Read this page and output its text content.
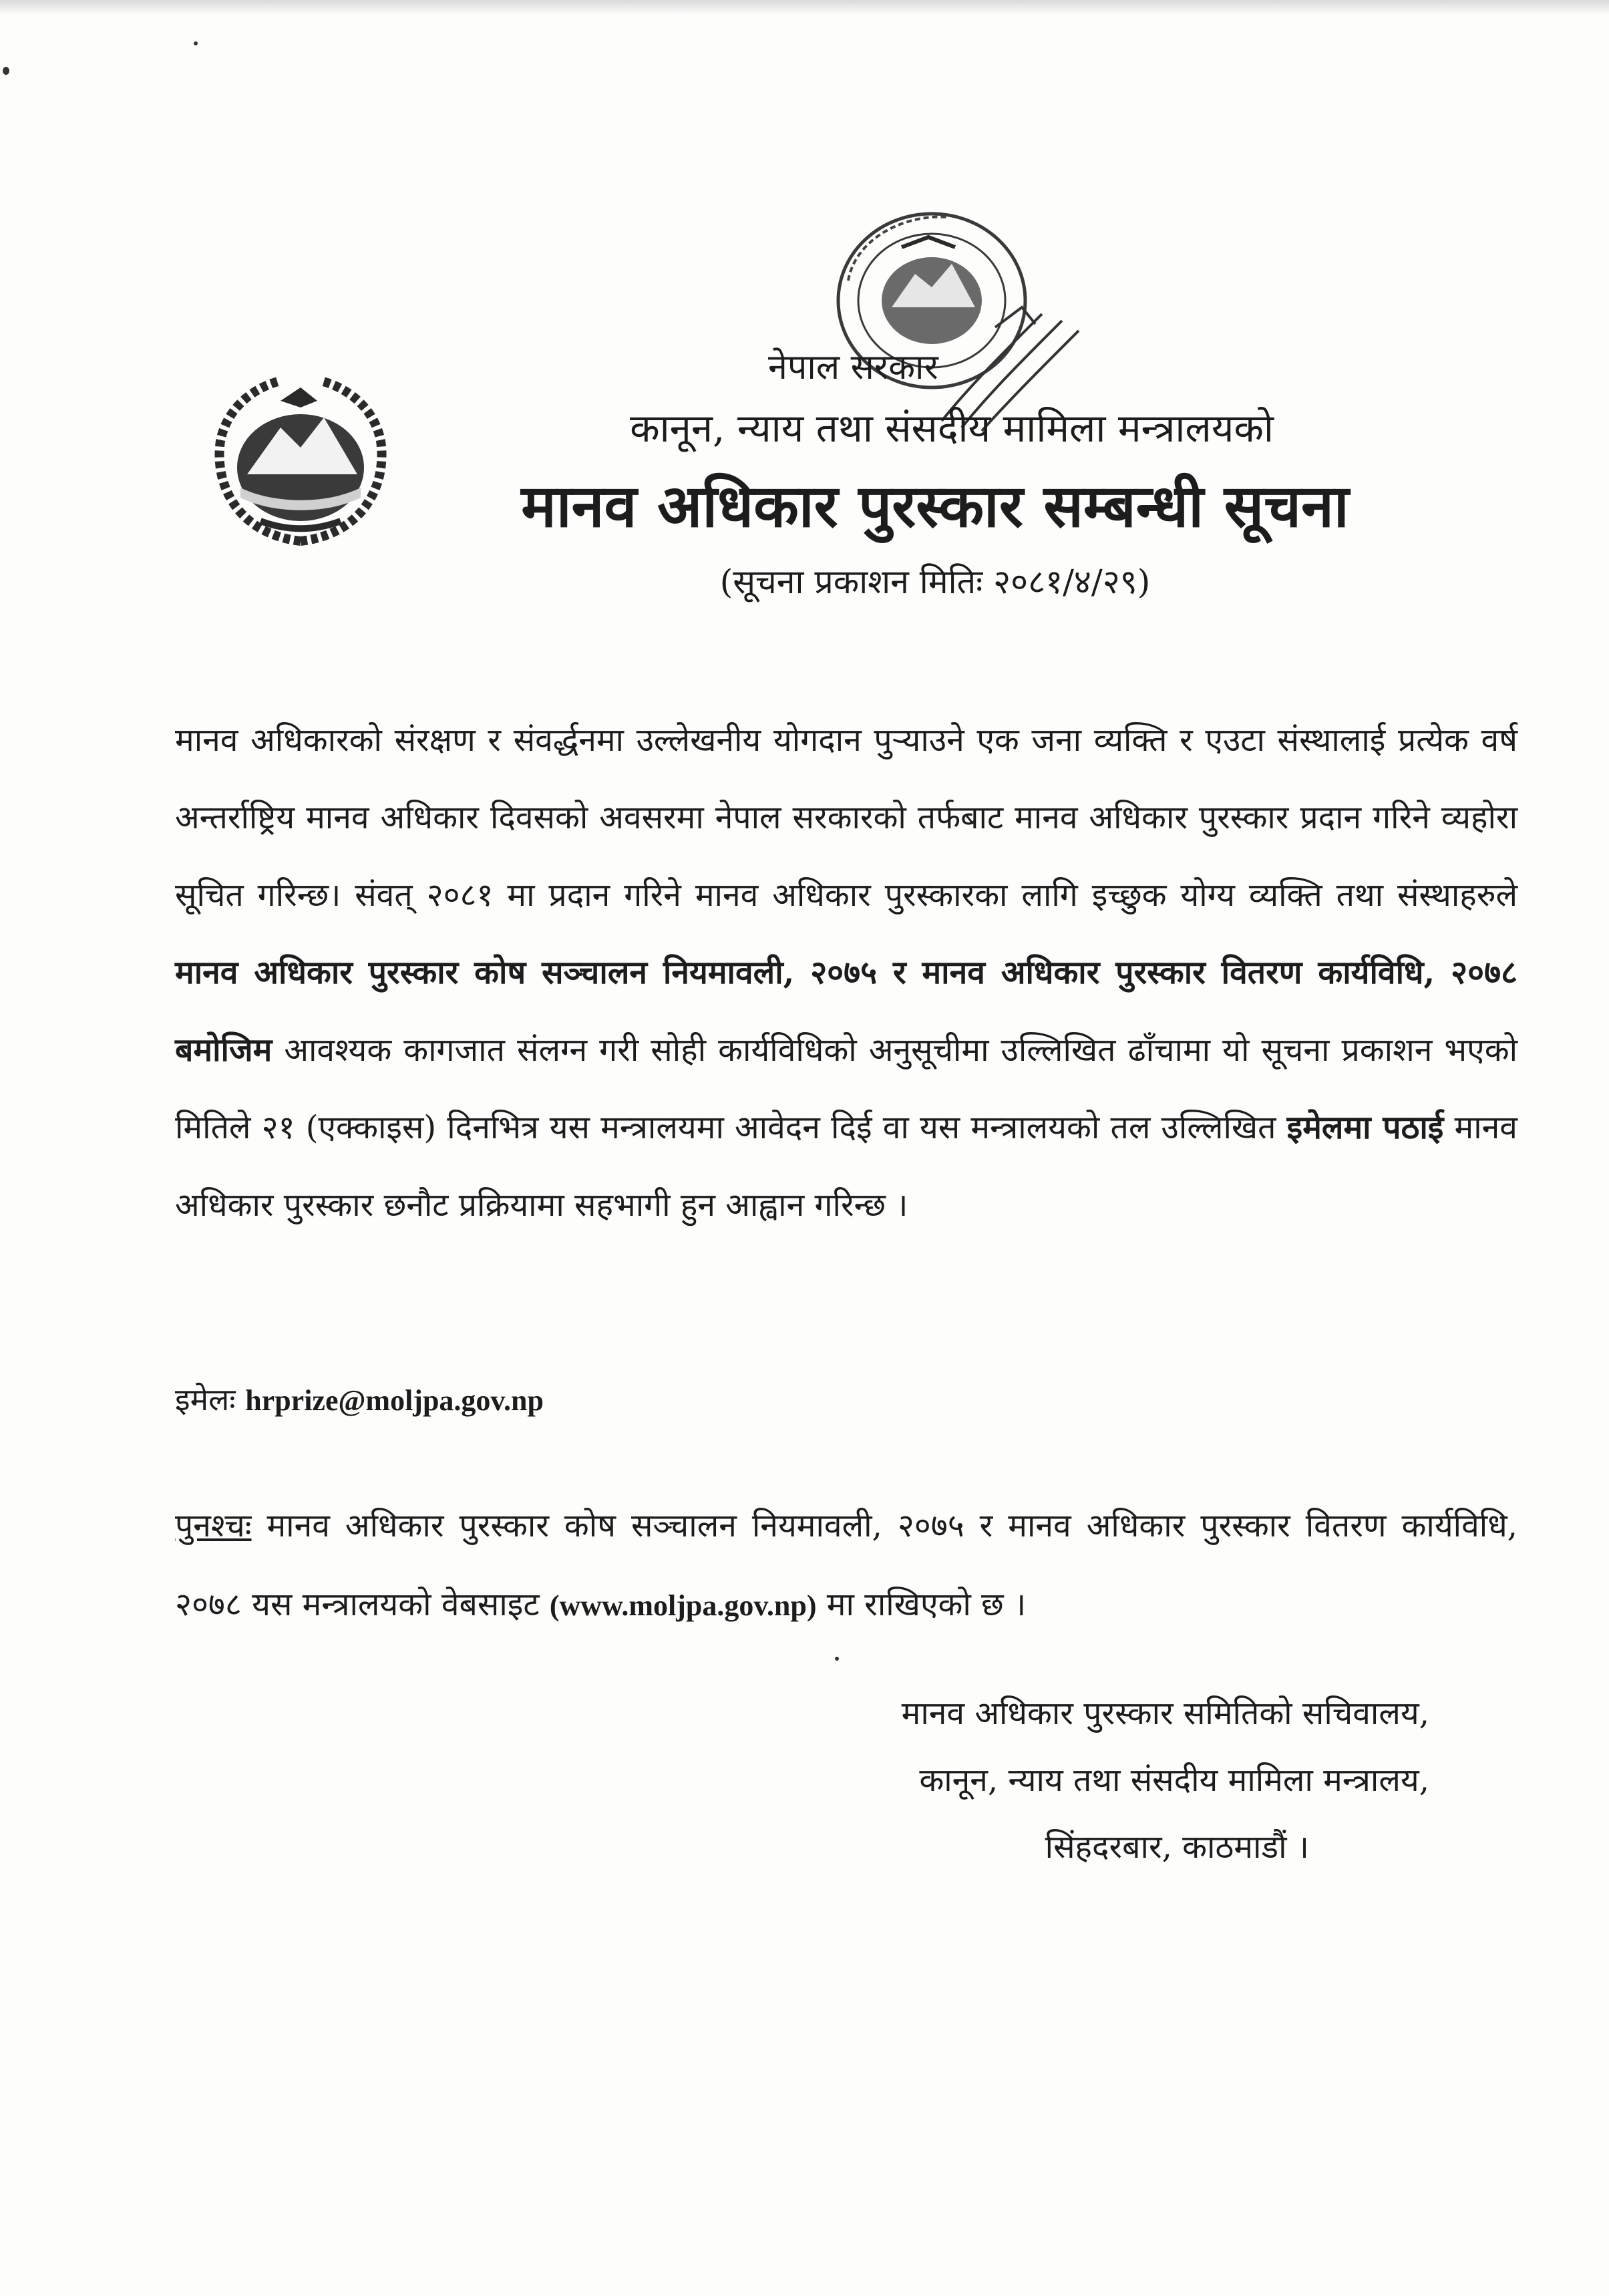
नेपाल सरकार
कानून, न्याय तथा संसदीय मामिला मन्त्रालयको
मानव अधिकार पुरस्कार सम्बन्धी सूचना
(सूचना प्रकाशन मितिः २०८१/४/२९)
मानव अधिकारको संरक्षण र संवर्द्धनमा उल्लेखनीय योगदान पुर्‍याउने एक जना व्यक्ति र एउटा संस्थालाई प्रत्येक वर्ष अन्तर्राष्ट्रिय मानव अधिकार दिवसको अवसरमा नेपाल सरकारको तर्फबाट मानव अधिकार पुरस्कार प्रदान गरिने व्यहोरा सूचित गरिन्छ। संवत् २०८१ मा प्रदान गरिने मानव अधिकार पुरस्कारका लागि इच्छुक योग्य व्यक्ति तथा संस्थाहरुले मानव अधिकार पुरस्कार कोष सञ्चालन नियमावली, २०७५ र मानव अधिकार पुरस्कार वितरण कार्यविधि, २०७८ बमोजिम आवश्यक कागजात संलग्न गरी सोही कार्यविधिको अनुसूचीमा उल्लिखित ढाँचामा यो सूचना प्रकाशन भएको मितिले २१ (एक्काइस) दिनभित्र यस मन्त्रालयमा आवेदन दिई वा यस मन्त्रालयको तल उल्लिखित इमेलमा पठाई मानव अधिकार पुरस्कार छनौट प्रक्रियामा सहभागी हुन आह्वान गरिन्छ ।
इमेलः hrprize@moljpa.gov.np
पुनश्चः मानव अधिकार पुरस्कार कोष सञ्चालन नियमावली, २०७५ र मानव अधिकार पुरस्कार वितरण कार्यविधि, २०७८ यस मन्त्रालयको वेबसाइट (www.moljpa.gov.np) मा राखिएको छ ।
मानव अधिकार पुरस्कार समितिको सचिवालय,
कानून, न्याय तथा संसदीय मामिला मन्त्रालय,
सिंहदरबार, काठमाडौं ।
